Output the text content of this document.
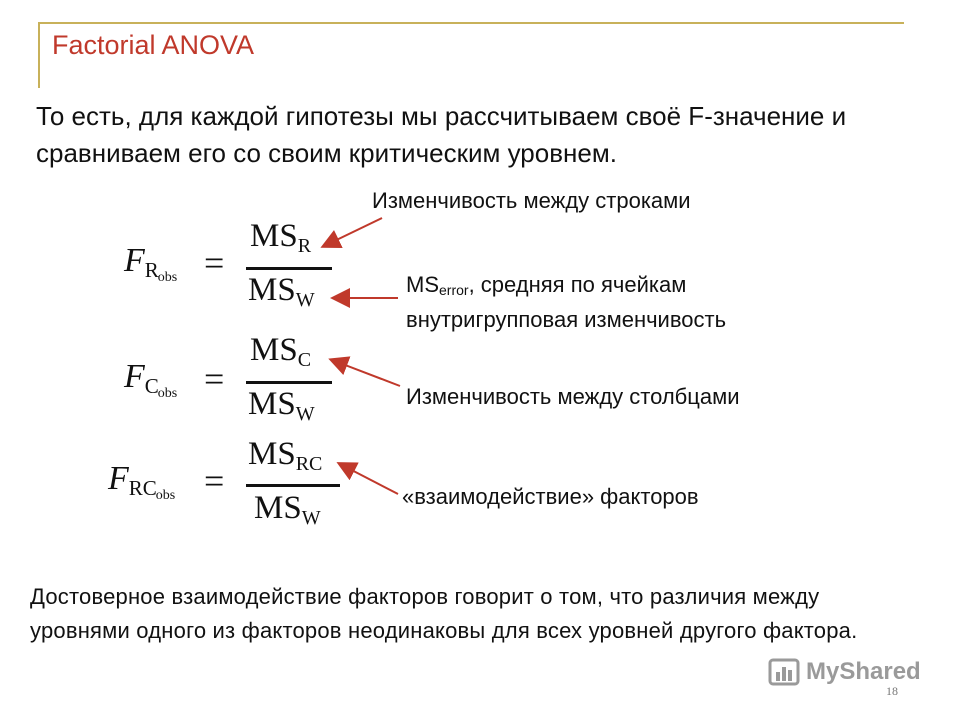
Factorial ANOVA
То есть, для каждой гипотезы мы рассчитываем своё F-значение и сравниваем его со своим критическим уровнем.
Изменчивость между строками
$MS_{error}$, средняя по ячейкам
внутригрупповая изменчивость
Изменчивость между столбцами
«взаимодействие» факторов
$FR_{obs}$ =
MSR
MSW
$FC_{obs}$ =
MSC
MSW
$FRC_{obs}$ =
MSRC
MSW
Достоверное взаимодействие факторов говорит о том, что различия между уровнями одного из факторов неодинаковы для всех уровней другого фактора.
MyShared
18
